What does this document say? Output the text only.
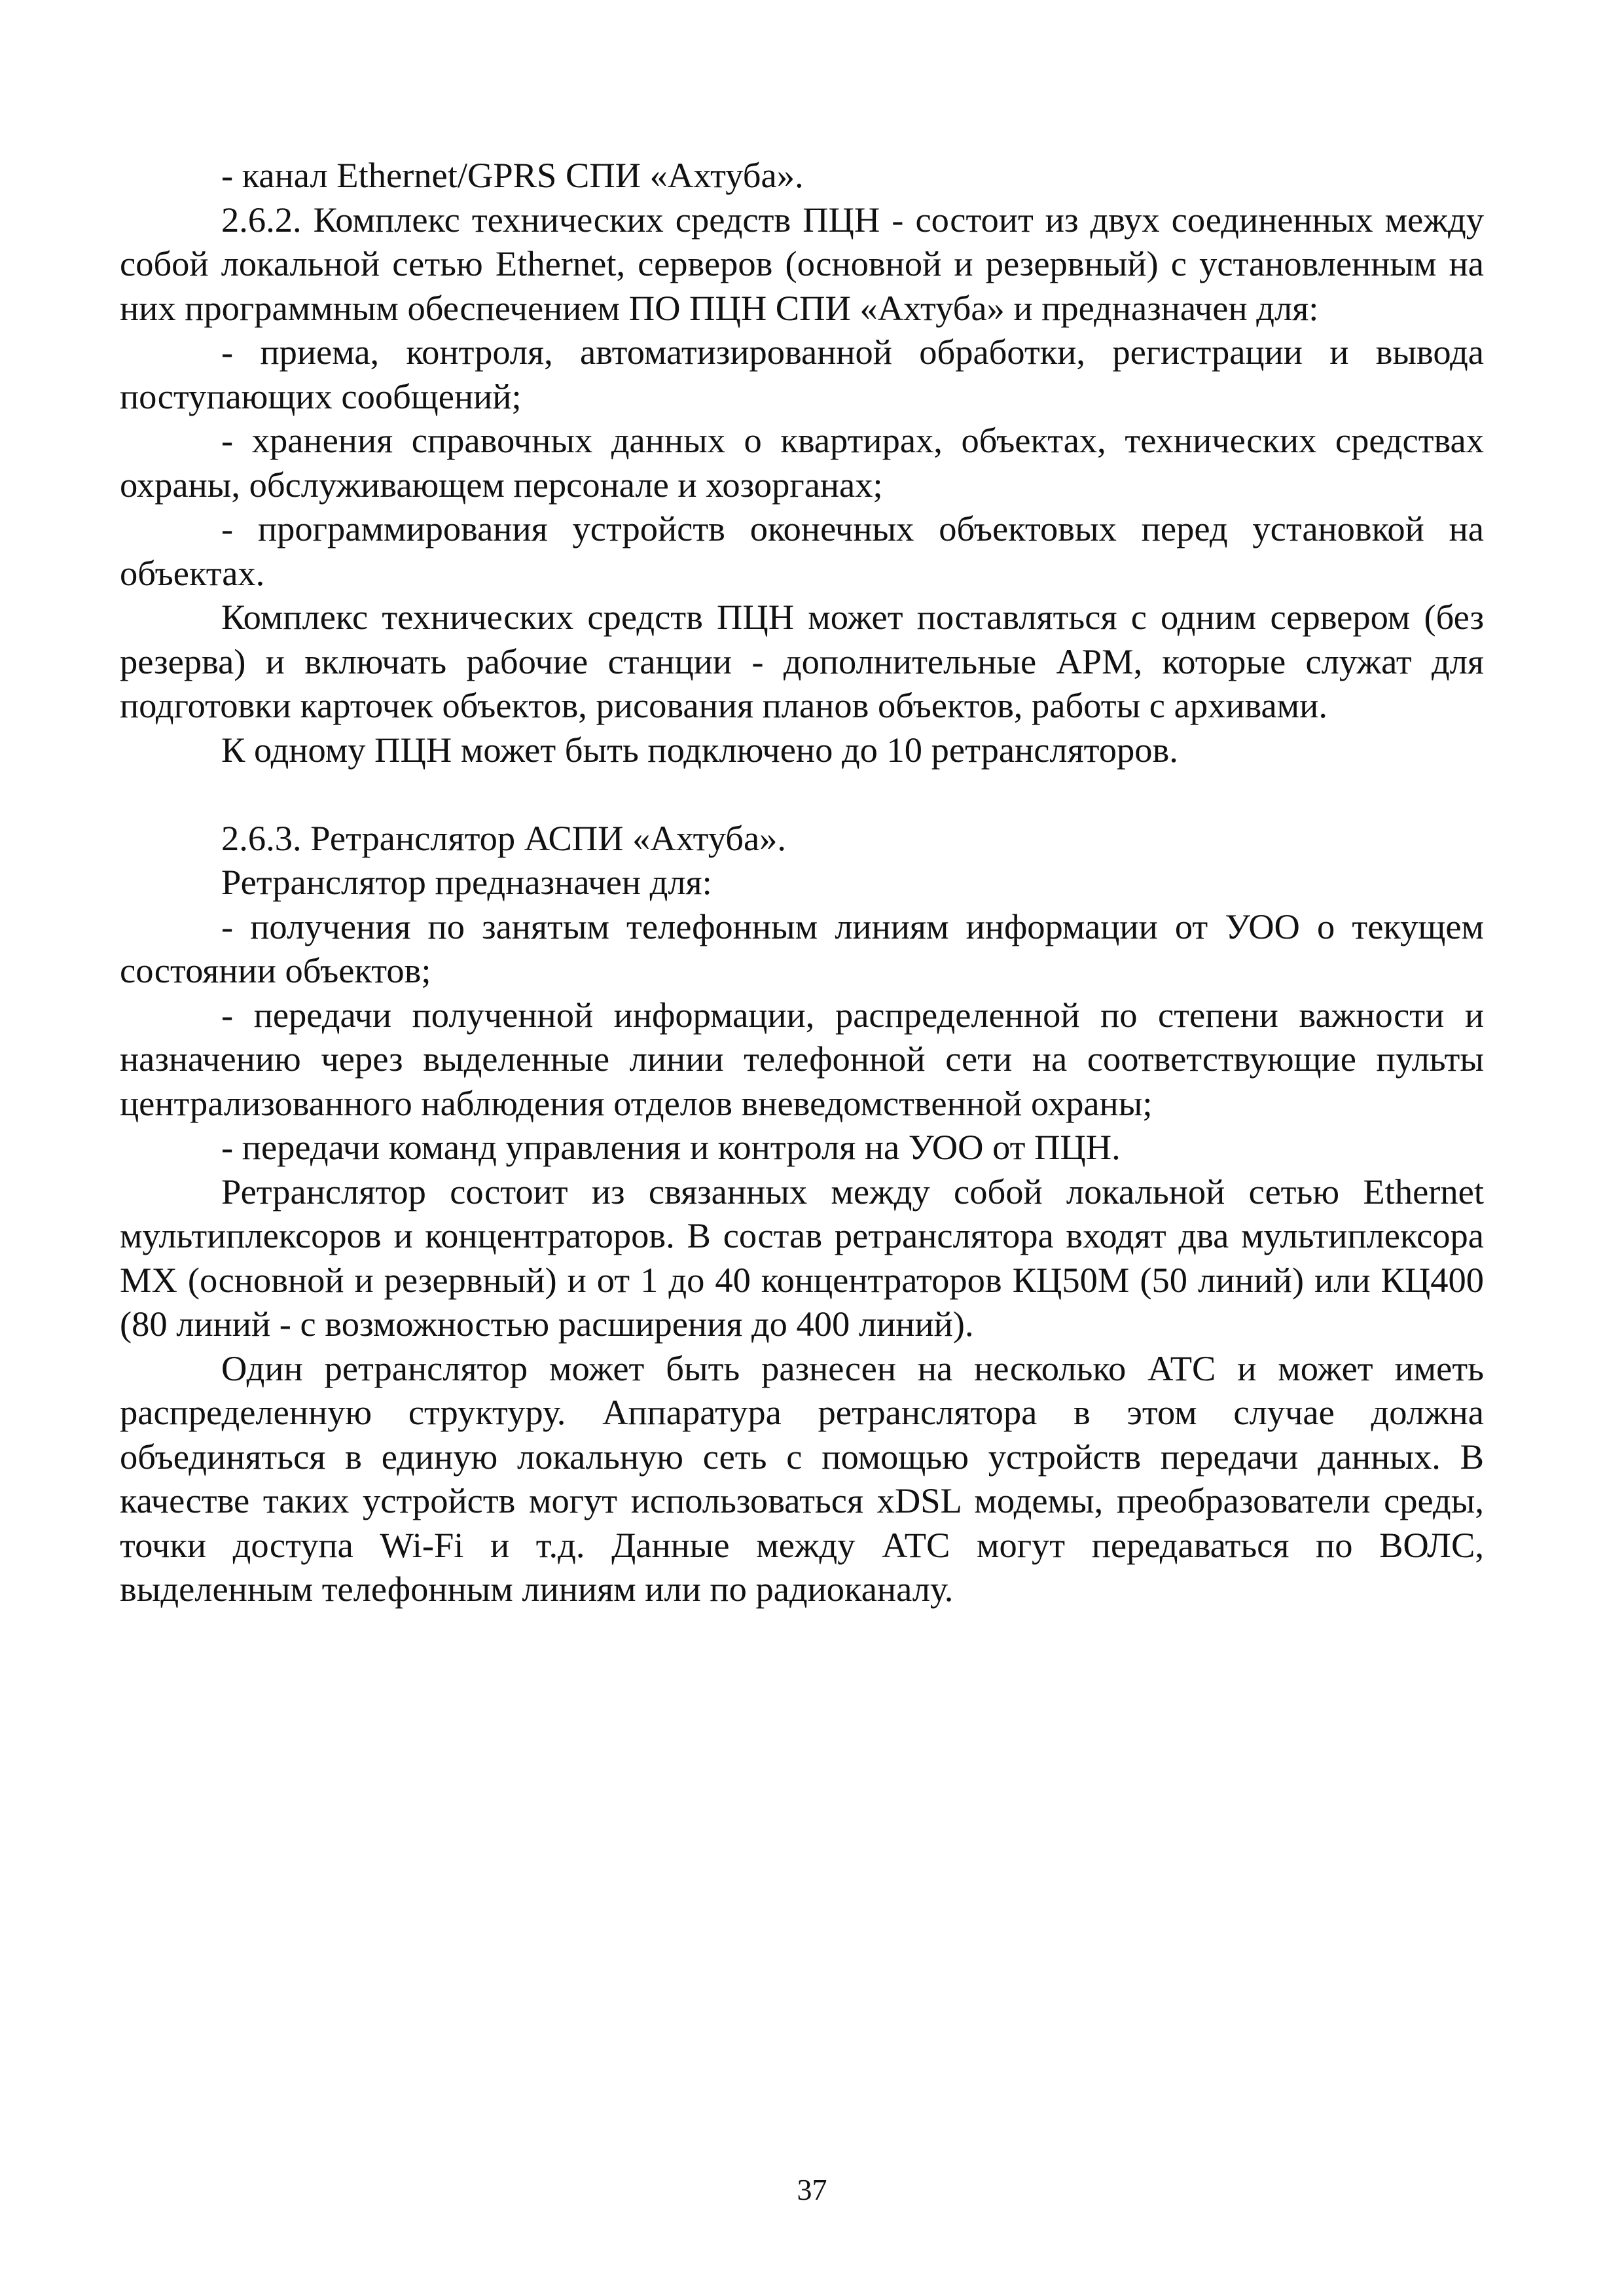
- канал Ethernet/GPRS СПИ «Ахтуба».

2.6.2. Комплекс технических средств ПЦН - состоит из двух соединенных между собой локальной сетью Ethernet, серверов (основной и резервный) с установленным на них программным обеспечением ПО ПЦН СПИ «Ахтуба» и предназначен для:

- приема, контроля, автоматизированной обработки, регистрации и вывода поступающих сообщений;

- хранения справочных данных о квартирах, объектах, технических средствах охраны, обслуживающем персонале и хозорганах;

- программирования устройств оконечных объектовых перед установкой на объектах.

Комплекс технических средств ПЦН может поставляться с одним сервером (без резерва) и включать рабочие станции - дополнительные АРМ, которые служат для подготовки карточек объектов, рисования планов объектов, работы с архивами.

К одному ПЦН может быть подключено до 10 ретрансляторов.

2.6.3. Ретранслятор АСПИ «Ахтуба».

Ретранслятор предназначен для:

- получения по занятым телефонным линиям информации от УОО о текущем состоянии объектов;

- передачи полученной информации, распределенной по степени важности и назначению через выделенные линии телефонной сети на соответствующие пульты централизованного наблюдения отделов вневедомственной охраны;

- передачи команд управления и контроля на УОО от ПЦН.

Ретранслятор состоит из связанных между собой локальной сетью Ethernet мультиплексоров и концентраторов. В состав ретранслятора входят два мультиплексора MX (основной и резервный) и от 1 до 40 концентраторов КЦ50М (50 линий) или КЦ400 (80 линий - с возможностью расширения до 400 линий).

Один ретранслятор может быть разнесен на несколько АТС и может иметь распределенную структуру. Аппаратура ретранслятора в этом случае должна объединяться в единую локальную сеть с помощью устройств передачи данных. В качестве таких устройств могут использоваться xDSL модемы, преобразователи среды, точки доступа Wi-Fi и т.д. Данные между АТС могут передаваться по ВОЛС, выделенным телефонным линиям или по радиоканалу.

37
